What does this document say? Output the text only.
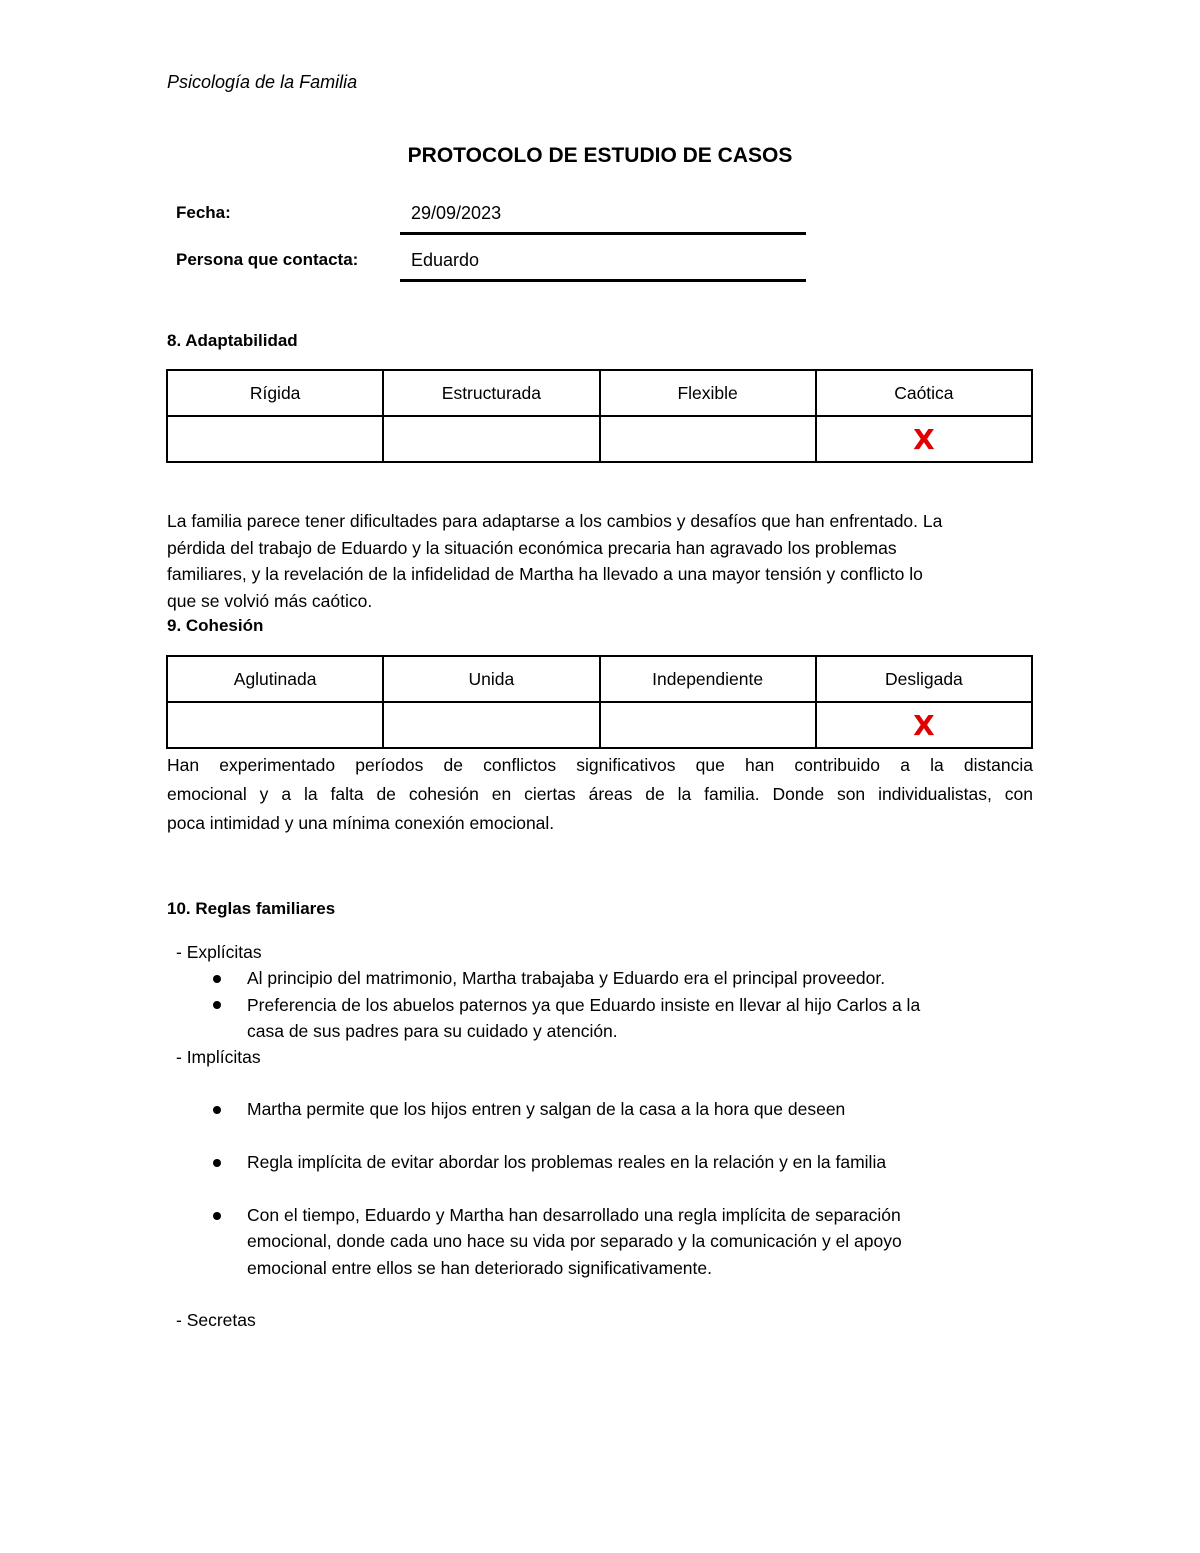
Psicología de la Familia
PROTOCOLO DE ESTUDIO DE CASOS
Fecha:	29/09/2023
Persona que contacta:	Eduardo
8. Adaptabilidad
Rígida	Estructurada	Flexible	Caótica
			X
La familia parece tener dificultades para adaptarse a los cambios y desafíos que han enfrentado. La
pérdida del trabajo de Eduardo y la situación económica precaria han agravado los problemas
familiares, y la revelación de la infidelidad de Martha ha llevado a una mayor tensión y conflicto lo
que se volvió más caótico.
9. Cohesión
Aglutinada	Unida	Independiente	Desligada
			X
Han experimentado períodos de conflictos significativos que han contribuido a la distancia
emocional y a la falta de cohesión en ciertas áreas de la familia. Donde son individualistas, con
poca intimidad y una mínima conexión emocional.
10. Reglas familiares
- Explícitas
Al principio del matrimonio, Martha trabajaba y Eduardo era el principal proveedor.
Preferencia de los abuelos paternos ya que Eduardo insiste en llevar al hijo Carlos a la
casa de sus padres para su cuidado y atención.
- Implícitas
Martha permite que los hijos entren y salgan de la casa a la hora que deseen
Regla implícita de evitar abordar los problemas reales en la relación y en la familia
Con el tiempo, Eduardo y Martha han desarrollado una regla implícita de separación
emocional, donde cada uno hace su vida por separado y la comunicación y el apoyo
emocional entre ellos se han deteriorado significativamente.
- Secretas
